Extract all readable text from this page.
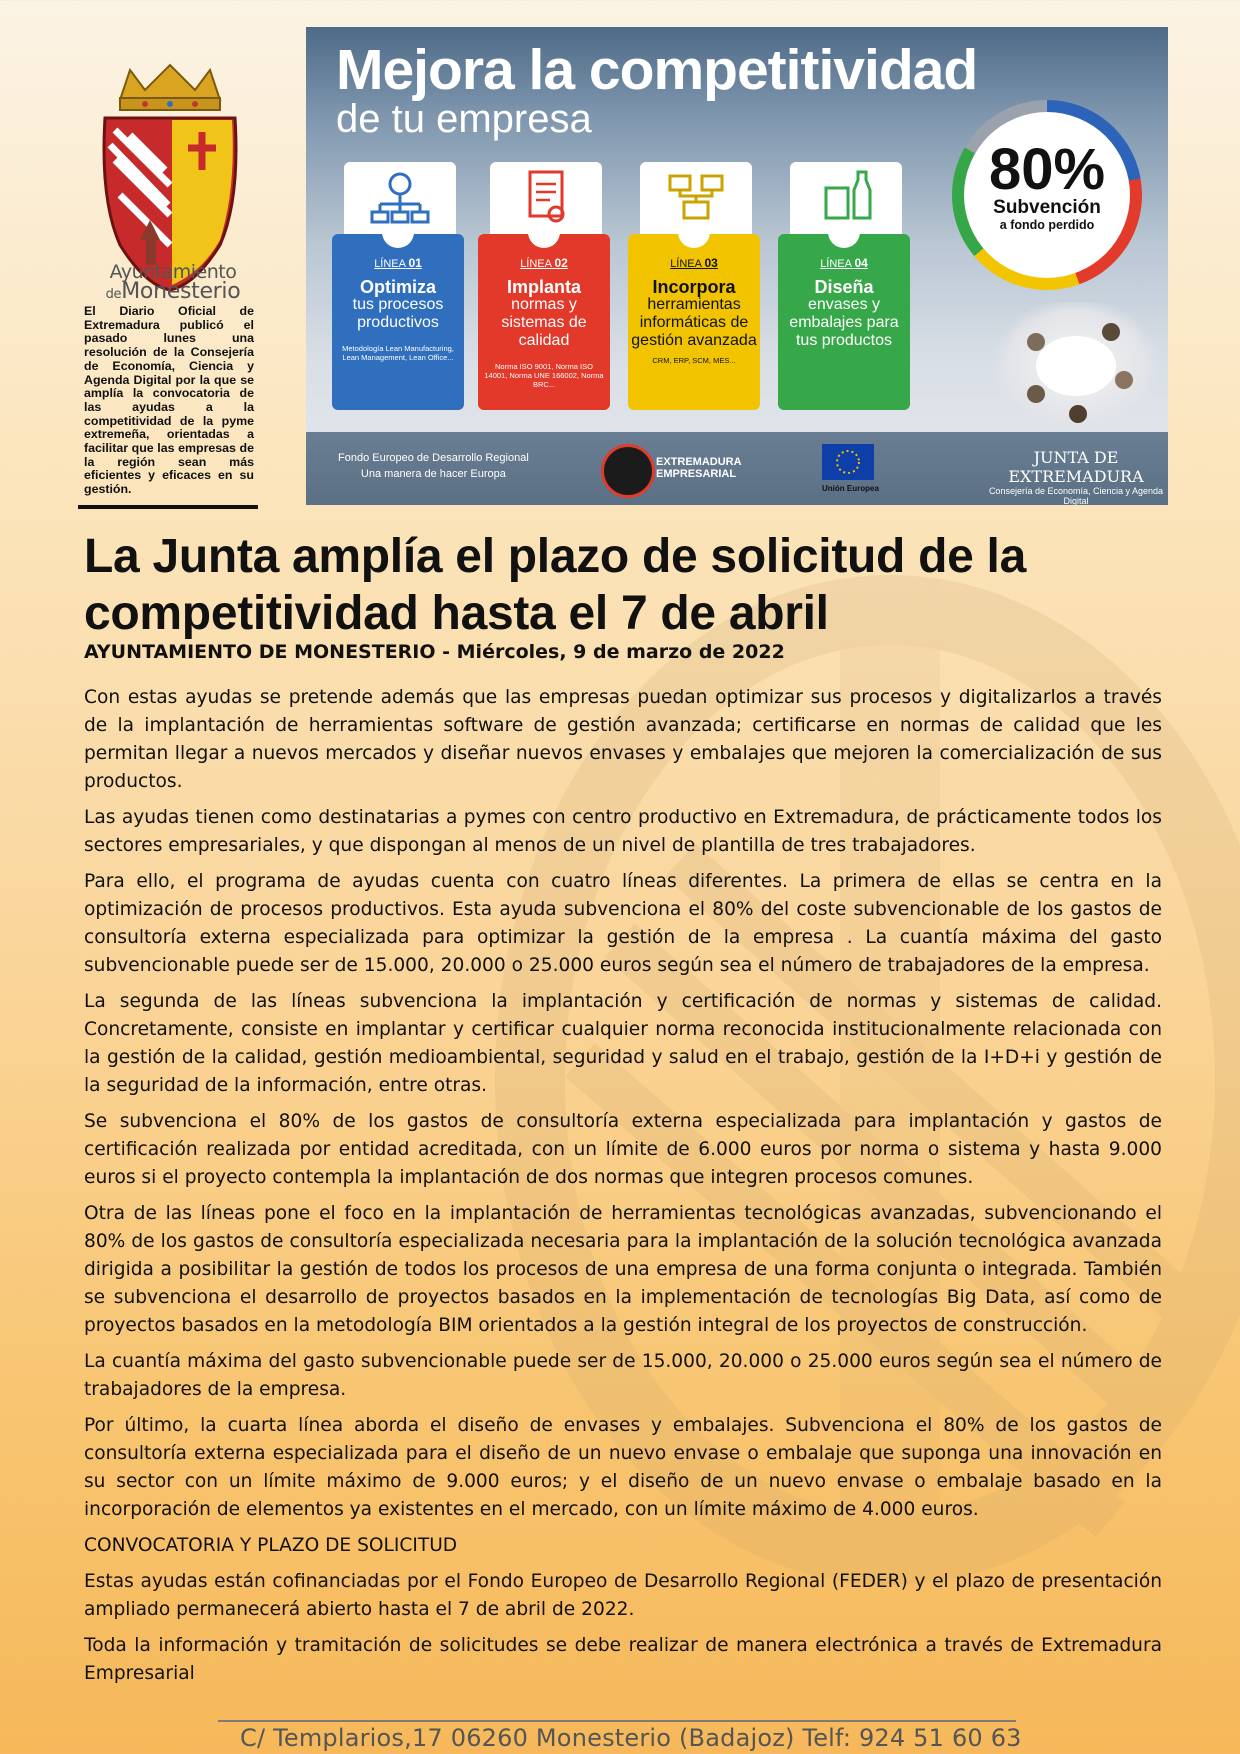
Ayuntamiento
deMonesterio
El Diario Oficial de Extremadura publicó el pasado lunes una resolución de la Consejería de Economía, Ciencia y Agenda Digital por la que se amplía la convocatoria de las ayudas a la competitividad de la pyme extremeña, orientadas a facilitar que las empresas de la región sean más eficientes y eficaces en su gestión.
Mejora la competitividad
de tu empresa
LÍNEA 01
Optimiza
tus procesos productivos
Metodología Lean Manufacturing, Lean Management, Lean Office...
LÍNEA 02
Implanta
normas y sistemas de calidad
Norma ISO 9001, Norma ISO 14001, Norma UNE 166002, Norma BRC...
LÍNEA 03
Incorpora
herramientas informáticas de gestión avanzada
CRM, ERP, SCM, MES...
LÍNEA 04
Diseña
envases y embalajes para tus productos
80%
Subvención
a fondo perdido
Fondo Europeo de Desarrollo Regional
Una manera de hacer Europa
EXTREMADURA
EMPRESARIAL
Unión Europea
JUNTA DE EXTREMADURA
Consejería de Economía, Ciencia y Agenda Digital
La Junta amplía el plazo de solicitud de la competitividad hasta el 7 de abril
AYUNTAMIENTO DE MONESTERIO - Miércoles, 9 de marzo de 2022

Con estas ayudas se pretende además que las empresas puedan optimizar sus procesos y digitalizarlos a través de la implantación de herramientas software de gestión avanzada; certificarse en normas de calidad que les permitan llegar a nuevos mercados y diseñar nuevos envases y embalajes que mejoren la comercialización de sus productos.

Las ayudas tienen como destinatarias a pymes con centro productivo en Extremadura, de prácticamente todos los sectores empresariales, y que dispongan al menos de un nivel de plantilla de tres trabajadores.

Para ello, el programa de ayudas cuenta con cuatro líneas diferentes. La primera de ellas se centra en la optimización de procesos productivos. Esta ayuda subvenciona el 80% del coste subvencionable de los gastos de consultoría externa especializada para optimizar la gestión de la empresa . La cuantía máxima del gasto subvencionable puede ser de 15.000, 20.000 o 25.000 euros según sea el número de trabajadores de la empresa.

La segunda de las líneas subvenciona la implantación y certificación de normas y sistemas de calidad. Concretamente, consiste en implantar y certificar cualquier norma reconocida institucionalmente relacionada con la gestión de la calidad, gestión medioambiental, seguridad y salud en el trabajo, gestión de la I+D+i y gestión de la seguridad de la información, entre otras.

Se subvenciona el 80% de los gastos de consultoría externa especializada para implantación y gastos de certificación realizada por entidad acreditada, con un límite de 6.000 euros por norma o sistema y hasta 9.000 euros si el proyecto contempla la implantación de dos normas que integren procesos comunes.

Otra de las líneas pone el foco en la implantación de herramientas tecnológicas avanzadas, subvencionando el 80% de los gastos de consultoría especializada necesaria para la implantación de la solución tecnológica avanzada dirigida a posibilitar la gestión de todos los procesos de una empresa de una forma conjunta o integrada. También se subvenciona el desarrollo de proyectos basados en la implementación de tecnologías Big Data, así como de proyectos basados en la metodología BIM orientados a la gestión integral de los proyectos de construcción.

La cuantía máxima del gasto subvencionable puede ser de 15.000, 20.000 o 25.000 euros según sea el número de trabajadores de la empresa.

Por último, la cuarta línea aborda el diseño de envases y embalajes. Subvenciona el 80% de los gastos de consultoría externa especializada para el diseño de un nuevo envase o embalaje que suponga una innovación en su sector con un límite máximo de 9.000 euros; y el diseño de un nuevo envase o embalaje basado en la incorporación de elementos ya existentes en el mercado, con un límite máximo de 4.000 euros.

CONVOCATORIA Y PLAZO DE SOLICITUD

Estas ayudas están cofinanciadas por el Fondo Europeo de Desarrollo Regional (FEDER) y el plazo de presentación ampliado permanecerá abierto hasta el 7 de abril de 2022.

Toda la información y tramitación de solicitudes se debe realizar de manera electrónica a través de Extremadura Empresarial

C/ Templarios,17 06260 Monesterio (Badajoz) Telf: 924 51 60 63
